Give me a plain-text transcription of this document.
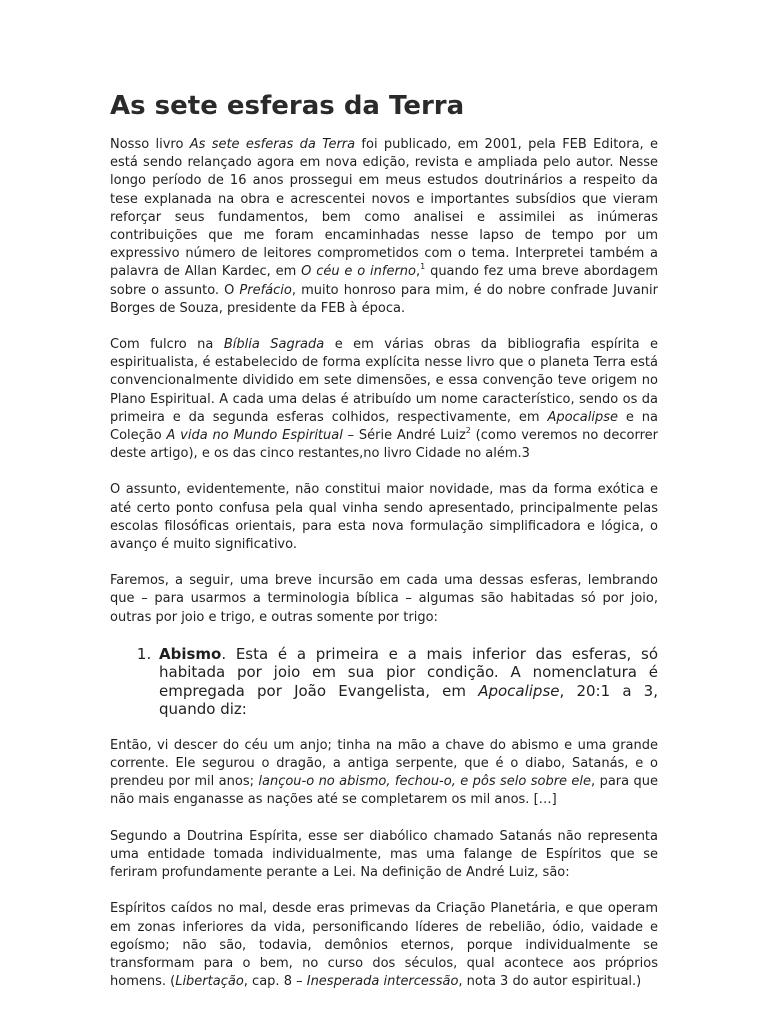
As sete esferas da Terra

Nosso livro As sete esferas da Terra foi publicado, em 2001, pela FEB Editora, e está sendo relançado agora em nova edição, revista e ampliada pelo autor. Nesse longo período de 16 anos prossegui em meus estudos doutrinários a respeito da tese explanada na obra e acrescentei novos e importantes subsídios que vieram reforçar seus fundamentos, bem como analisei e assimilei as inúmeras contribuições que me foram encaminhadas nesse lapso de tempo por um expressivo número de leitores comprometidos com o tema. Interpretei também a palavra de Allan Kardec, em O céu e o inferno,$^1$ quando fez uma breve abordagem sobre o assunto. O Prefácio, muito honroso para mim, é do nobre confrade Juvanir Borges de Souza, presidente da FEB à época.

Com fulcro na Bíblia Sagrada e em várias obras da bibliografia espírita e espiritualista, é estabelecido de forma explícita nesse livro que o planeta Terra está convencionalmente dividido em sete dimensões, e essa convenção teve origem no Plano Espiritual. A cada uma delas é atribuído um nome característico, sendo os da primeira e da segunda esferas colhidos, respectivamente, em Apocalipse e na Coleção A vida no Mundo Espiritual – Série André Luiz$^2$ (como veremos no decorrer deste artigo), e os das cinco restantes,no livro Cidade no além.3

O assunto, evidentemente, não constitui maior novidade, mas da forma exótica e até certo ponto confusa pela qual vinha sendo apresentado, principalmente pelas escolas filosóficas orientais, para esta nova formulação simplificadora e lógica, o avanço é muito significativo.

Faremos, a seguir, uma breve incursão em cada uma dessas esferas, lembrando que – para usarmos a terminologia bíblica – algumas são habitadas só por joio, outras por joio e trigo, e outras somente por trigo:

1. Abismo. Esta é a primeira e a mais inferior das esferas, só habitada por joio em sua pior condição. A nomenclatura é empregada por João Evangelista, em Apocalipse, 20:1 a 3, quando diz:

Então, vi descer do céu um anjo; tinha na mão a chave do abismo e uma grande corrente. Ele segurou o dragão, a antiga serpente, que é o diabo, Satanás, e o prendeu por mil anos; lançou-o no abismo, fechou-o, e pôs selo sobre ele, para que não mais enganasse as nações até se completarem os mil anos. […]

Segundo a Doutrina Espírita, esse ser diabólico chamado Satanás não representa uma entidade tomada individualmente, mas uma falange de Espíritos que se feriram profundamente perante a Lei. Na definição de André Luiz, são:

Espíritos caídos no mal, desde eras primevas da Criação Planetária, e que operam em zonas inferiores da vida, personificando líderes de rebelião, ódio, vaidade e egoísmo; não são, todavia, demônios eternos, porque individualmente se transformam para o bem, no curso dos séculos, qual acontece aos próprios homens. (Libertação, cap. 8 – Inesperada intercessão, nota 3 do autor espiritual.)
